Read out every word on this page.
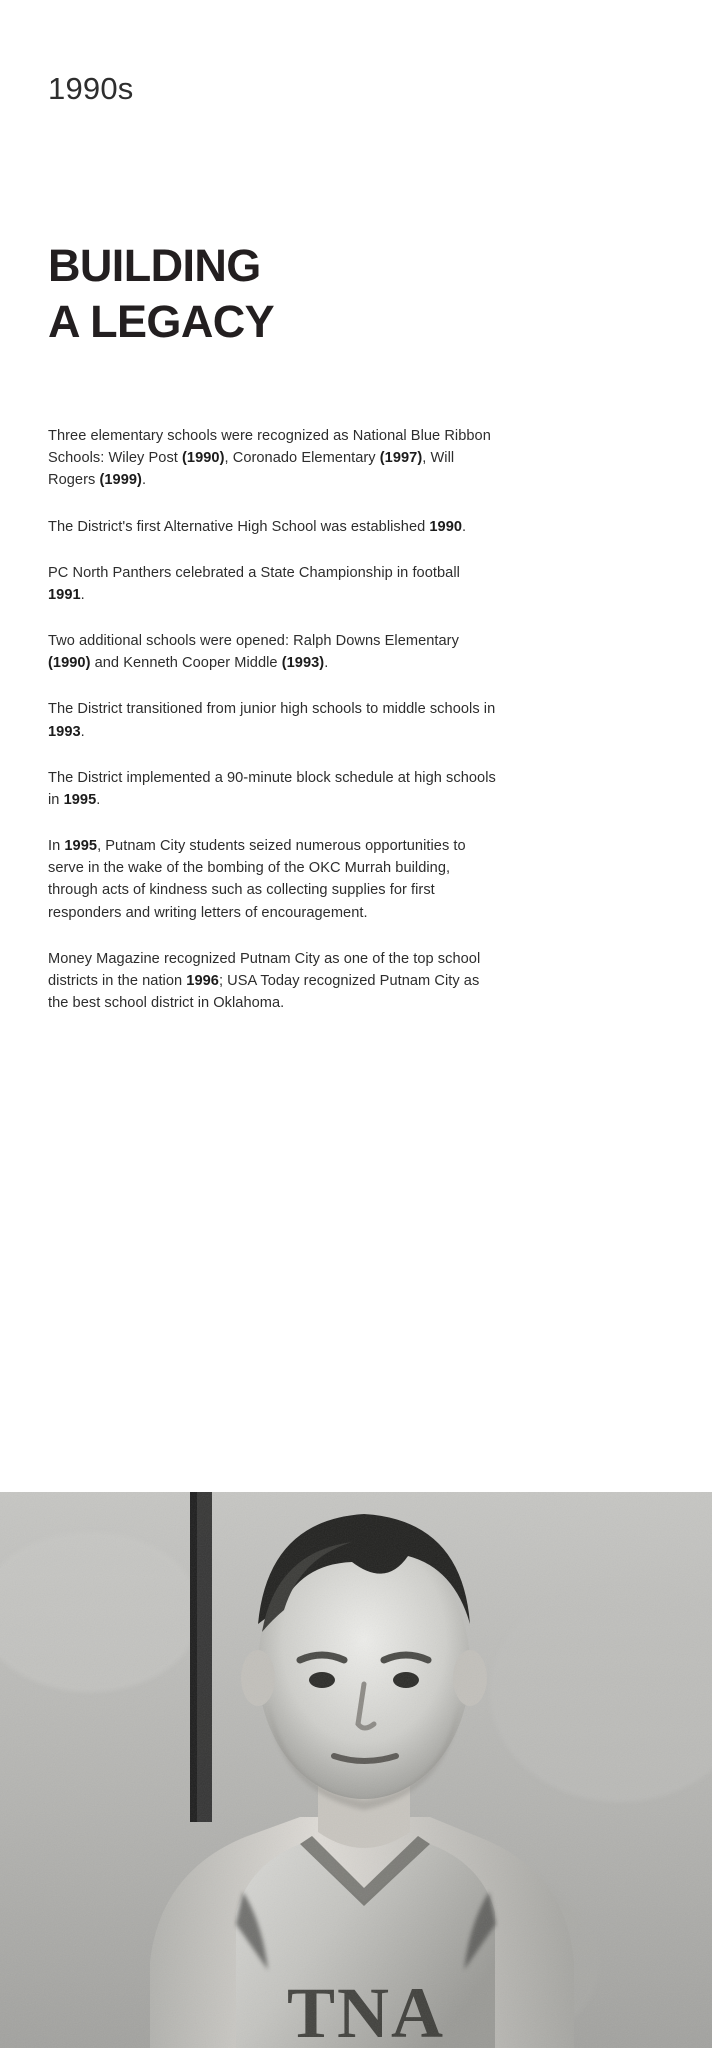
1990s
BUILDING
A LEGACY

Three elementary schools were recognized as National Blue Ribbon Schools: Wiley Post (1990), Coronado Elementary (1997), Will Rogers (1999).

The District's first Alternative High School was established 1990.

PC North Panthers celebrated a State Championship in football 1991.

Two additional schools were opened: Ralph Downs Elementary (1990) and Kenneth Cooper Middle (1993).

The District transitioned from junior high schools to middle schools in 1993.

The District implemented a 90-minute block schedule at high schools in 1995.

In 1995, Putnam City students seized numerous opportunities to serve in the wake of the bombing of the OKC Murrah building, through acts of kindness such as collecting supplies for first responders and writing letters of encouragement.

Money Magazine recognized Putnam City as one of the top school districts in the nation 1996; USA Today recognized Putnam City as the best school district in Oklahoma.
